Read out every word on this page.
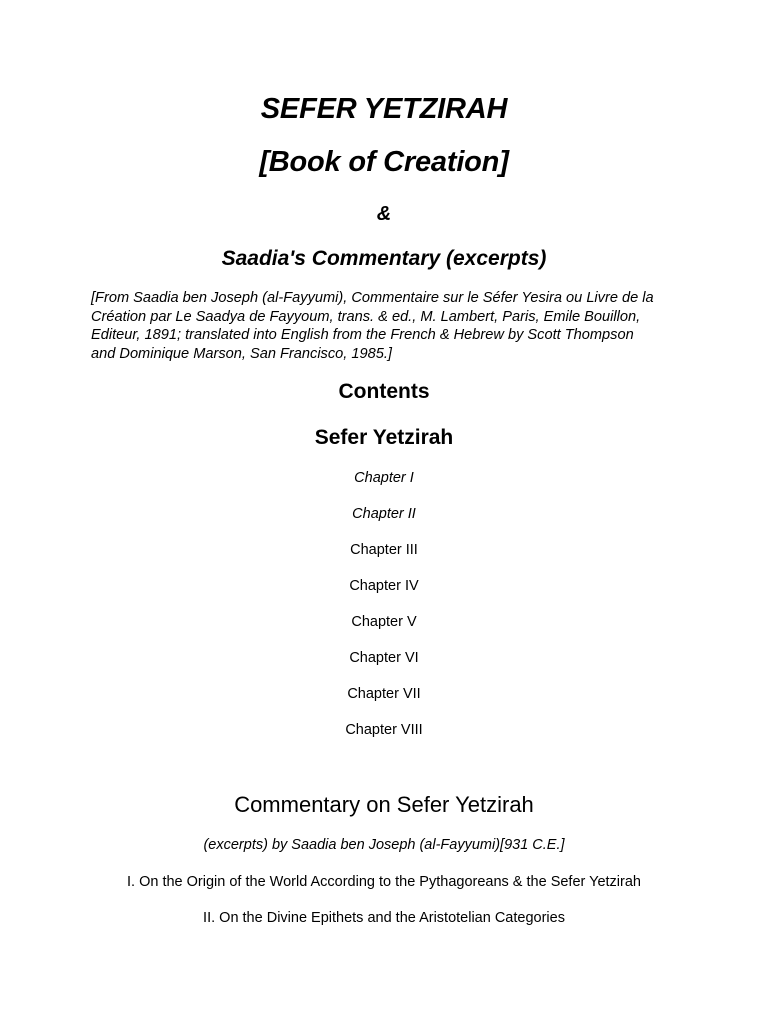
SEFER YETZIRAH
[Book of Creation]
&
Saadia's Commentary (excerpts)
[From Saadia ben Joseph (al-Fayyumi), Commentaire sur le Séfer Yesira ou Livre de la
Création par Le Saadya de Fayyoum, trans. & ed., M. Lambert, Paris, Emile Bouillon,
Editeur, 1891; translated into English from the French & Hebrew by Scott Thompson
and Dominique Marson, San Francisco, 1985.]
Contents
Sefer Yetzirah
Chapter I
Chapter II
Chapter III
Chapter IV
Chapter V
Chapter VI
Chapter VII
Chapter VIII
Commentary on Sefer Yetzirah
(excerpts) by Saadia ben Joseph (al-Fayyumi)[931 C.E.]
I. On the Origin of the World According to the Pythagoreans & the Sefer Yetzirah
II. On the Divine Epithets and the Aristotelian Categories
